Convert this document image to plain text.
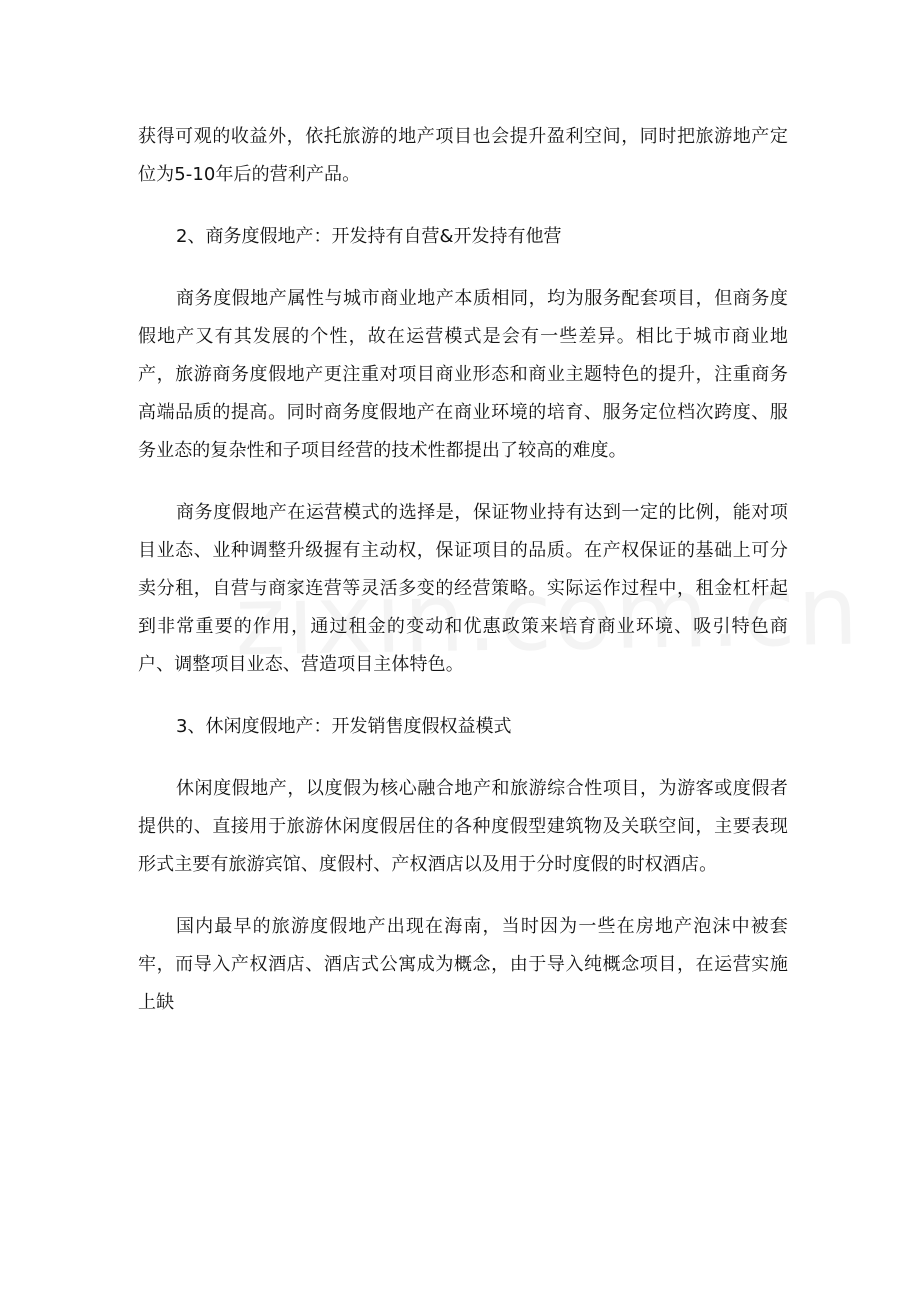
获得可观的收益外，依托旅游的地产项目也会提升盈利空间，同时把旅游地产定位为5-10年后的营利产品。

2、商务度假地产：开发持有自营&开发持有他营

商务度假地产属性与城市商业地产本质相同，均为服务配套项目，但商务度假地产又有其发展的个性，故在运营模式是会有一些差异。相比于城市商业地产，旅游商务度假地产更注重对项目商业形态和商业主题特色的提升，注重商务高端品质的提高。同时商务度假地产在商业环境的培育、服务定位档次跨度、服务业态的复杂性和子项目经营的技术性都提出了较高的难度。

商务度假地产在运营模式的选择是，保证物业持有达到一定的比例，能对项目业态、业种调整升级握有主动权，保证项目的品质。在产权保证的基础上可分卖分租，自营与商家连营等灵活多变的经营策略。实际运作过程中，租金杠杆起到非常重要的作用，通过租金的变动和优惠政策来培育商业环境、吸引特色商户、调整项目业态、营造项目主体特色。

3、休闲度假地产：开发销售度假权益模式

休闲度假地产，以度假为核心融合地产和旅游综合性项目，为游客或度假者提供的、直接用于旅游休闲度假居住的各种度假型建筑物及关联空间，主要表现形式主要有旅游宾馆、度假村、产权酒店以及用于分时度假的时权酒店。

国内最早的旅游度假地产出现在海南，当时因为一些在房地产泡沫中被套牢，而导入产权酒店、酒店式公寓成为概念，由于导入纯概念项目，在运营实施上缺
